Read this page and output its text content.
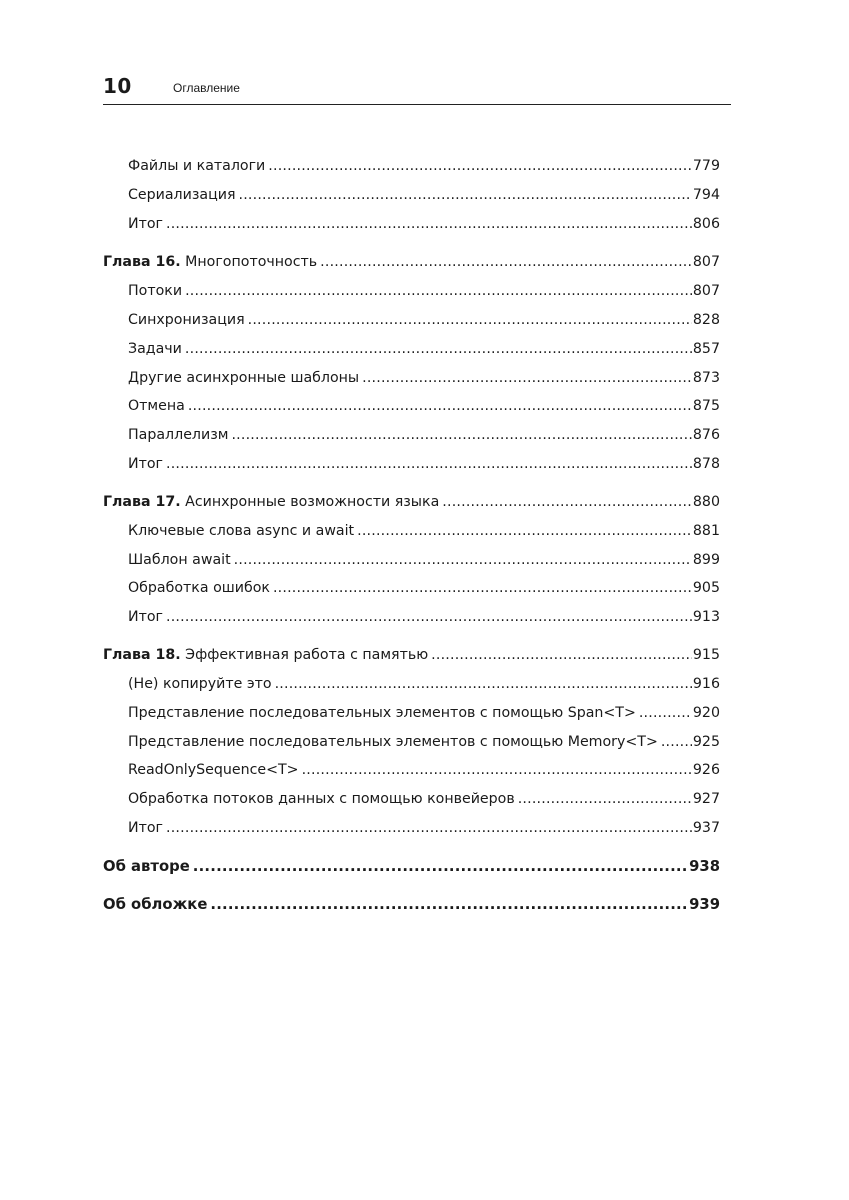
10	Оглавление
Файлы и каталоги .....	779
Сериализация .....	794
Итог .....	806
Глава 16. Многопоточность .....	807
Потоки .....	807
Синхронизация .....	828
Задачи .....	857
Другие асинхронные шаблоны .....	873
Отмена .....	875
Параллелизм .....	876
Итог .....	878
Глава 17. Асинхронные возможности языка .....	880
Ключевые слова async и await .....	881
Шаблон await .....	899
Обработка ошибок .....	905
Итог .....	913
Глава 18. Эффективная работа с памятью .....	915
(Не) копируйте это .....	916
Представление последовательных элементов с помощью Span<T> .....	920
Представление последовательных элементов с помощью Memory<T> ..... 925
ReadOnlySequence<T> .....	926
Обработка потоков данных с помощью конвейеров .....	927
Итог .....	937
Об авторе .....	938
Об обложке .....	939
